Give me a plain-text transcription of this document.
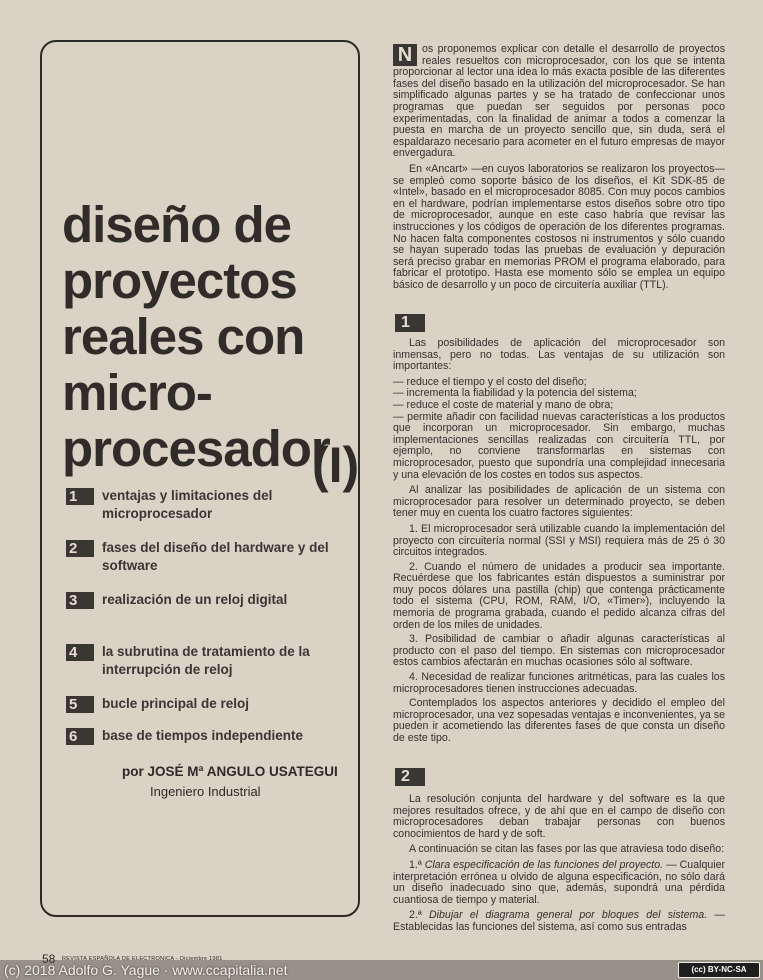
diseño de
proyectos
reales con
micro-
procesador
(I)
1	ventajas y limitaciones del microprocesador
2	fases del diseño del hardware y del software
3	realización de un reloj digital
4	la subrutina de tratamiento de la interrupción de reloj
5	bucle principal de reloj
6	base de tiempos independiente
por JOSÉ Mª ANGULO USATEGUI
Ingeniero Industrial

N os proponemos explicar con detalle el desarrollo de proyectos reales resueltos con microprocesador, con los que se intenta proporcionar al lector una idea lo más exacta posible de las diferentes fases del diseño basado en la utilización del microprocesador. Se han simplificado algunas partes y se ha tratado de confeccionar unos programas que puedan ser seguidos por personas poco experimentadas, con la finalidad de animar a todos a comenzar la puesta en marcha de un proyecto sencillo que, sin duda, será el espaldarazo necesario para acometer en el futuro empresas de mayor envergadura.

En «Ancart» —en cuyos laboratorios se realizaron los proyectos— se empleó como soporte básico de los diseños, el Kit SDK-85 de «Intel», basado en el microprocesador 8085. Con muy pocos cambios en el hardware, podrían implementarse estos diseños sobre otro tipo de microprocesador, aunque en este caso habría que revisar las instrucciones y los códigos de operación de los diferentes programas. No hacen falta componentes costosos ni instrumentos y sólo cuando se hayan superado todas las pruebas de evaluación y depuración será preciso grabar en memorias PROM el programa elaborado, para fabricar el prototipo. Hasta ese momento sólo se emplea un equipo básico de desarrollo y un poco de circuitería auxiliar (TTL).

1

Las posibilidades de aplicación del microprocesador son inmensas, pero no todas. Las ventajas de su utilización son importantes:

— reduce el tiempo y el costo del diseño;

— incrementa la fiabilidad y la potencia del sistema;

— reduce el coste de material y mano de obra;

— permite añadir con facilidad nuevas características a los productos que incorporan un microprocesador. Sin embargo, muchas implementaciones sencillas realizadas con circuitería TTL, por ejemplo, no conviene transformarlas en sistemas con microprocesador, puesto que supondría una complejidad innecesaria y una elevación de los costes en todos sus aspectos.

Al analizar las posibilidades de aplicación de un sistema con microprocesador para resolver un determinado proyecto, se deben tener muy en cuenta los cuatro factores siguientes:

1. El microprocesador será utilizable cuando la implementación del proyecto con circuitería normal (SSI y MSI) requiera más de 25 ó 30 circuitos integrados.

2. Cuando el número de unidades a producir sea importante. Recuérdese que los fabricantes están dispuestos a suministrar por muy pocos dólares una pastilla (chip) que contenga prácticamente todo el sistema (CPU, ROM, RAM, I/O, «Timer»), incluyendo la memoria de programa grabada, cuando el pedido alcanza cifras del orden de los miles de unidades.

3. Posibilidad de cambiar o añadir algunas características al producto con el paso del tiempo. En sistemas con microprocesador estos cambios afectarán en muchas ocasiones sólo al software.

4. Necesidad de realizar funciones aritméticas, para las cuales los microprocesadores tienen instrucciones adecuadas.

Contemplados los aspectos anteriores y decidido el empleo del microprocesador, una vez sopesadas ventajas e inconvenientes, ya se pueden ir acometiendo las diferentes fases de que consta un diseño de este tipo.

2

La resolución conjunta del hardware y del software es la que mejores resultados ofrece, y de ahí que en el campo de diseño con microprocesadores deban trabajar personas con buenos conocimientos de hard y de soft.

A continuación se citan las fases por las que atraviesa todo diseño:

1.ª Clara especificación de las funciones del proyecto. — Cualquier interpretación errónea u olvido de alguna especificación, no sólo dará un diseño inadecuado sino que, además, supondrá una pérdida cuantiosa de tiempo y material.

2.ª Dibujar el diagrama general por bloques del sistema. — Establecidas las funciones del sistema, así como sus entradas

58 REVISTA ESPAÑOLA DE ELECTRONICA - Diciembre 1981
(c) 2018 Adolfo G. Yague · www.ccapitalia.net	(cc) BY-NC-SA
